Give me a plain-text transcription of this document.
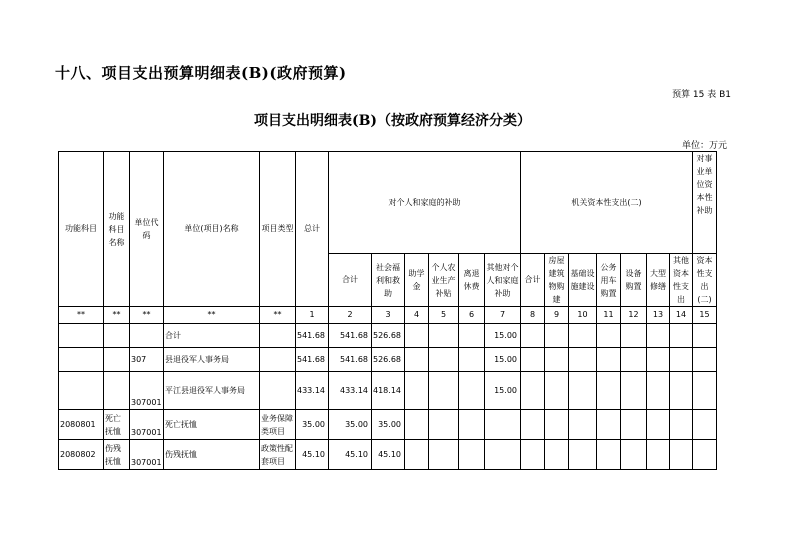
十八、项目支出预算明细表(B)(政府预算)
预算 15 表 B1
项目支出明细表(B)（按政府预算经济分类）
单位：万元
功能科目	功能科目名称	单位代码	单位(项目)名称	项目类型	总计	对个人和家庭的补助						机关资本性支出(二)							对事业单位资本性补助
						合计	社会福利和救助	助学金	个人农业生产补贴	离退休费	其他对个人和家庭补助	合计	房屋建筑物购建	基础设施建设	公务用车购置	设备购置	大型修缮	其他资本性支出	资本性支出(二)
**	**	**	**	**	1	2	3	4	5	6	7	8	9	10	11	12	13	14	15
			合计		541.68	541.68	526.68				15.00								
		307	县退役军人事务局		541.68	541.68	526.68				15.00								
		307001	平江县退役军人事务局		433.14	433.14	418.14				15.00								
2080801	死亡抚恤	307001	死亡抚恤	业务保障类项目	35.00	35.00	35.00												
2080802	伤残抚恤	307001	伤残抚恤	政策性配套项目	45.10	45.10	45.10												
